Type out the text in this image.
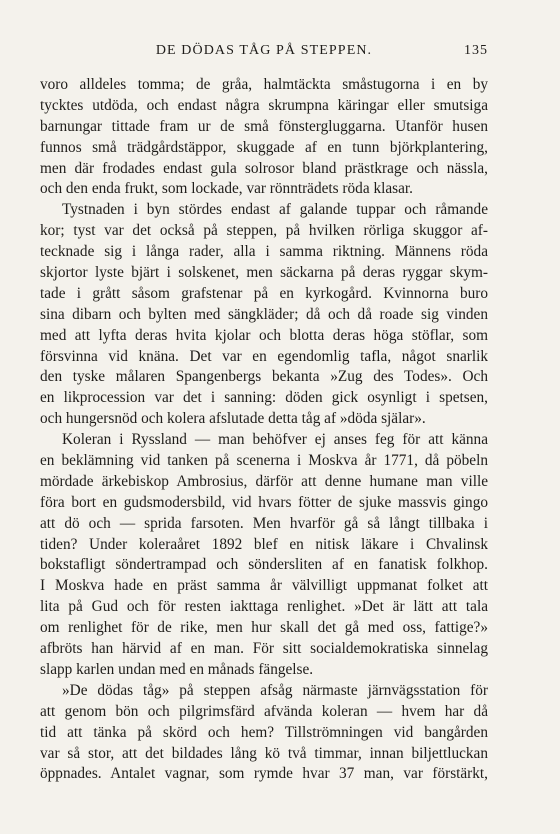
DE DÖDAS TÅG PÅ STEPPEN.	135
voro alldeles tomma; de gråa, halmtäckta småstugorna i en by
tycktes utdöda, och endast några skrumpna käringar eller smutsiga
barnungar tittade fram ur de små fönstergluggarna. Utanför husen
funnos små trädgårdstäppor, skuggade af en tunn björkplantering,
men där frodades endast gula solrosor bland prästkrage och nässla,
och den enda frukt, som lockade, var rönnträdets röda klasar.
Tystnaden i byn stördes endast af galande tuppar och råmande
kor; tyst var det också på steppen, på hvilken rörliga skuggor af-
tecknade sig i långa rader, alla i samma riktning. Männens röda
skjortor lyste bjärt i solskenet, men säckarna på deras ryggar skym-
tade i grått såsom grafstenar på en kyrkogård. Kvinnorna buro
sina dibarn och bylten med sängkläder; då och då roade sig vinden
med att lyfta deras hvita kjolar och blotta deras höga stöflar, som
försvinna vid knäna. Det var en egendomlig tafla, något snarlik
den tyske målaren Spangenbergs bekanta »Zug des Todes». Och
en likprocession var det i sanning: döden gick osynligt i spetsen,
och hungersnöd och kolera afslutade detta tåg af »döda själar».
Koleran i Ryssland — man behöfver ej anses feg för att känna
en beklämning vid tanken på scenerna i Moskva år 1771, då pöbeln
mördade ärkebiskop Ambrosius, därför att denne humane man ville
föra bort en gudsmodersbild, vid hvars fötter de sjuke massvis gingo
att dö och — sprida farsoten. Men hvarför gå så långt tillbaka i
tiden? Under koleraåret 1892 blef en nitisk läkare i Chvalinsk
bokstafligt söndertrampad och söndersliten af en fanatisk folkhop.
I Moskva hade en präst samma år välvilligt uppmanat folket att
lita på Gud och för resten iakttaga renlighet. »Det är lätt att tala
om renlighet för de rike, men hur skall det gå med oss, fattige?»
afbröts han härvid af en man. För sitt socialdemokratiska sinnelag
slapp karlen undan med en månads fängelse.
»De dödas tåg» på steppen afsåg närmaste järnvägsstation för
att genom bön och pilgrimsfärd afvända koleran — hvem har då
tid att tänka på skörd och hem? Tillströmningen vid bangården
var så stor, att det bildades lång kö två timmar, innan biljettluckan
öppnades. Antalet vagnar, som rymde hvar 37 man, var förstärkt,
